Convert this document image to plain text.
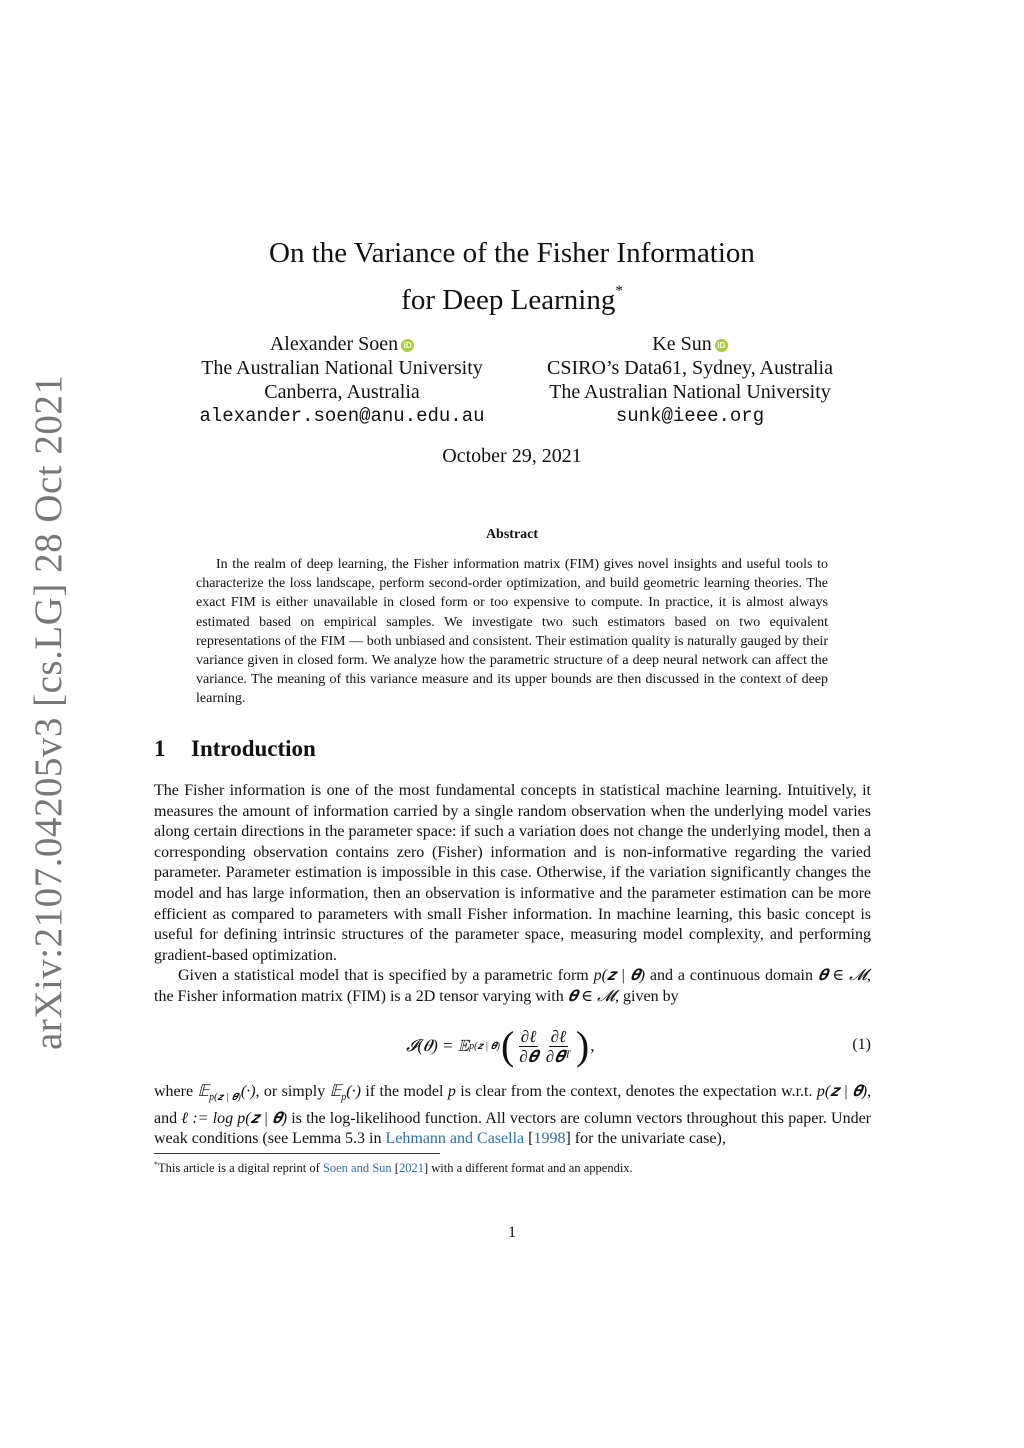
arXiv:2107.04205v3 [cs.LG] 28 Oct 2021
On the Variance of the Fisher Information
for Deep Learning*
Alexander Soen iD
The Australian National University
Canberra, Australia
alexander.soen@anu.edu.au
Ke Sun iD
CSIRO’s Data61, Sydney, Australia
The Australian National University
sunk@ieee.org
October 29, 2021
Abstract

In the realm of deep learning, the Fisher information matrix (FIM) gives novel insights and useful tools to characterize the loss landscape, perform second-order optimization, and build geometric learning theories. The exact FIM is either unavailable in closed form or too expensive to compute. In practice, it is almost always estimated based on empirical samples. We investigate two such estimators based on two equivalent representations of the FIM — both unbiased and consistent. Their estimation quality is naturally gauged by their variance given in closed form. We analyze how the parametric structure of a deep neural network can affect the variance. The meaning of this variance measure and its upper bounds are then discussed in the context of deep learning.

1 Introduction

The Fisher information is one of the most fundamental concepts in statistical machine learning. Intuitively, it measures the amount of information carried by a single random observation when the underlying model varies along certain directions in the parameter space: if such a variation does not change the underlying model, then a corresponding observation contains zero (Fisher) information and is non-informative regarding the varied parameter. Parameter estimation is impossible in this case. Otherwise, if the variation significantly changes the model and has large information, then an observation is informative and the parameter estimation can be more efficient as compared to parameters with small Fisher information. In machine learning, this basic concept is useful for defining intrinsic structures of the parameter space, measuring model complexity, and performing gradient-based optimization.

Given a statistical model that is specified by a parametric form p(𝒛 | 𝜽) and a continuous domain 𝜽 ∈ 𝓜, the Fisher information matrix (FIM) is a 2D tensor varying with 𝜽 ∈ 𝓜, given by

𝓘(𝜽) = 𝔼 p(𝒛 | 𝜽) ( $\frac{\text{∂ℓ}}{\text{∂𝜽}} \frac{\text{∂ℓ}}{\text{∂𝜽ᵀ}}$ ) ,	(1)

where 𝔼$_{p(𝒛 | 𝜽)}$(·), or simply 𝔼$_p$(·) if the model p is clear from the context, denotes the expectation w.r.t. p(𝒛 | 𝜽), and ℓ := log p(𝒛 | 𝜽) is the log-likelihood function. All vectors are column vectors throughout this paper. Under weak conditions (see Lemma 5.3 in Lehmann and Casella [1998] for the univariate case),

*This article is a digital reprint of Soen and Sun [2021] with a different format and an appendix.
1
